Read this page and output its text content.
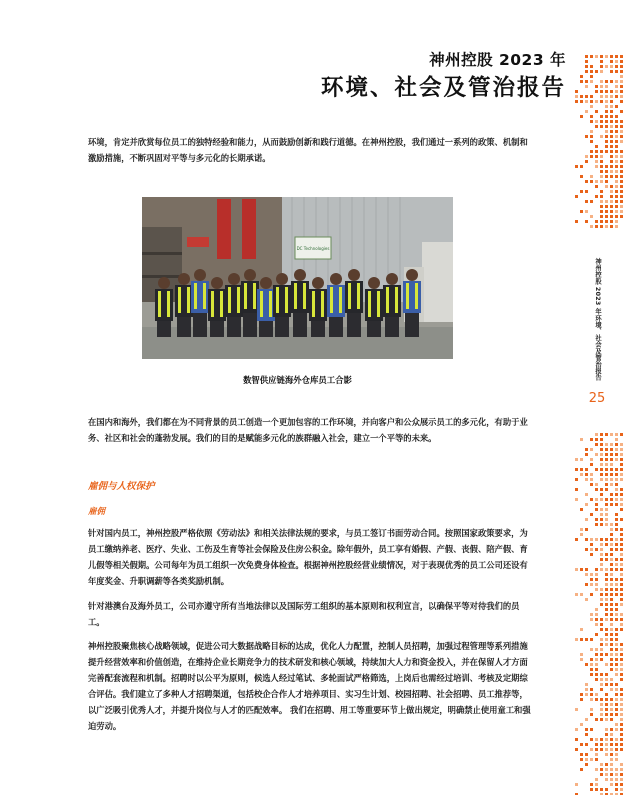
神州控股 2023 年
环境、社会及管治报告

环境，肯定并欣赏每位员工的独特经验和能力，从而鼓励创新和践行道德。在神州控股，我们通过一系列的政策、机制和激励措施，不断巩固对平等与多元化的长期承诺。

DC Technologies
数智供应链海外仓库员工合影

在国内和海外，我们都在为不同背景的员工创造一个更加包容的工作环境，并向客户和公众展示员工的多元化，有助于业务、社区和社会的蓬勃发展。我们的目的是赋能多元化的族群融入社会，建立一个平等的未来。

雇佣与人权保护
雇佣

针对国内员工，神州控股严格依照《劳动法》和相关法律法规的要求，与员工签订书面劳动合同。按照国家政策要求，为员工缴纳养老、医疗、失业、工伤及生育等社会保险及住房公积金。除年假外，员工享有婚假、产假、丧假、陪产假、育儿假等相关假期。公司每年为员工组织一次免费身体检查。根据神州控股经营业绩情况，对于表现优秀的员工公司还设有年度奖金、升职调薪等各类奖励机制。

针对港澳台及海外员工，公司亦遵守所有当地法律以及国际劳工组织的基本原则和权利宣言，以确保平等对待我们的员工。

神州控股聚焦核心战略领域，促进公司大数据战略目标的达成，优化人力配置，控制人员招聘，加强过程管理等系列措施提升经营效率和价值创造，在维持企业长期竞争力的技术研发和核心领域，持续加大人力和资金投入，并在保留人才方面完善配套流程和机制。招聘时以公平为原则，候选人经过笔试、多轮面试严格筛选，上岗后也需经过培训、考核及定期综合评估。我们建立了多种人才招聘渠道，包括校企合作人才培养项目、实习生计划、校园招聘、社会招聘、员工推荐等，以广泛吸引优秀人才，并提升岗位与人才的匹配效率。 我们在招聘、用工等重要环节上做出规定，明确禁止使用童工和强迫劳动。

神州控股 2023 年环境、社会及管治报告
25
